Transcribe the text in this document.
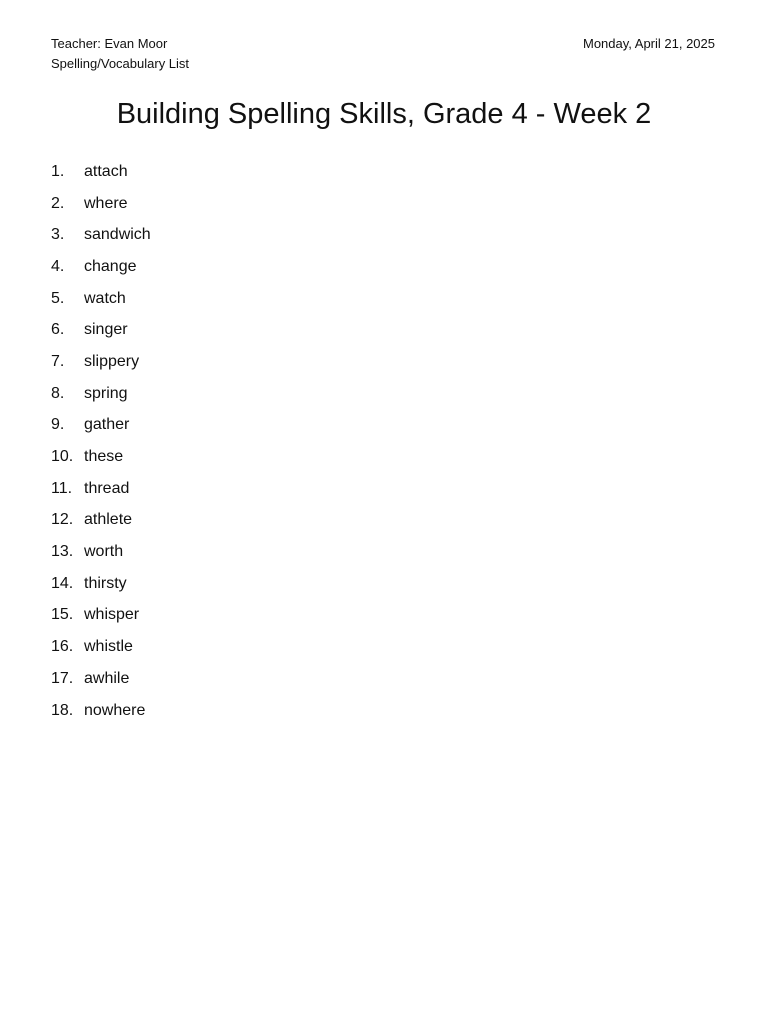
Teacher: Evan Moor
Spelling/Vocabulary List
Monday, April 21, 2025
Building Spelling Skills, Grade 4 - Week 2
1.	attach
2.	where
3.	sandwich
4.	change
5.	watch
6.	singer
7.	slippery
8.	spring
9.	gather
10. these
11. thread
12. athlete
13. worth
14. thirsty
15. whisper
16. whistle
17. awhile
18. nowhere
